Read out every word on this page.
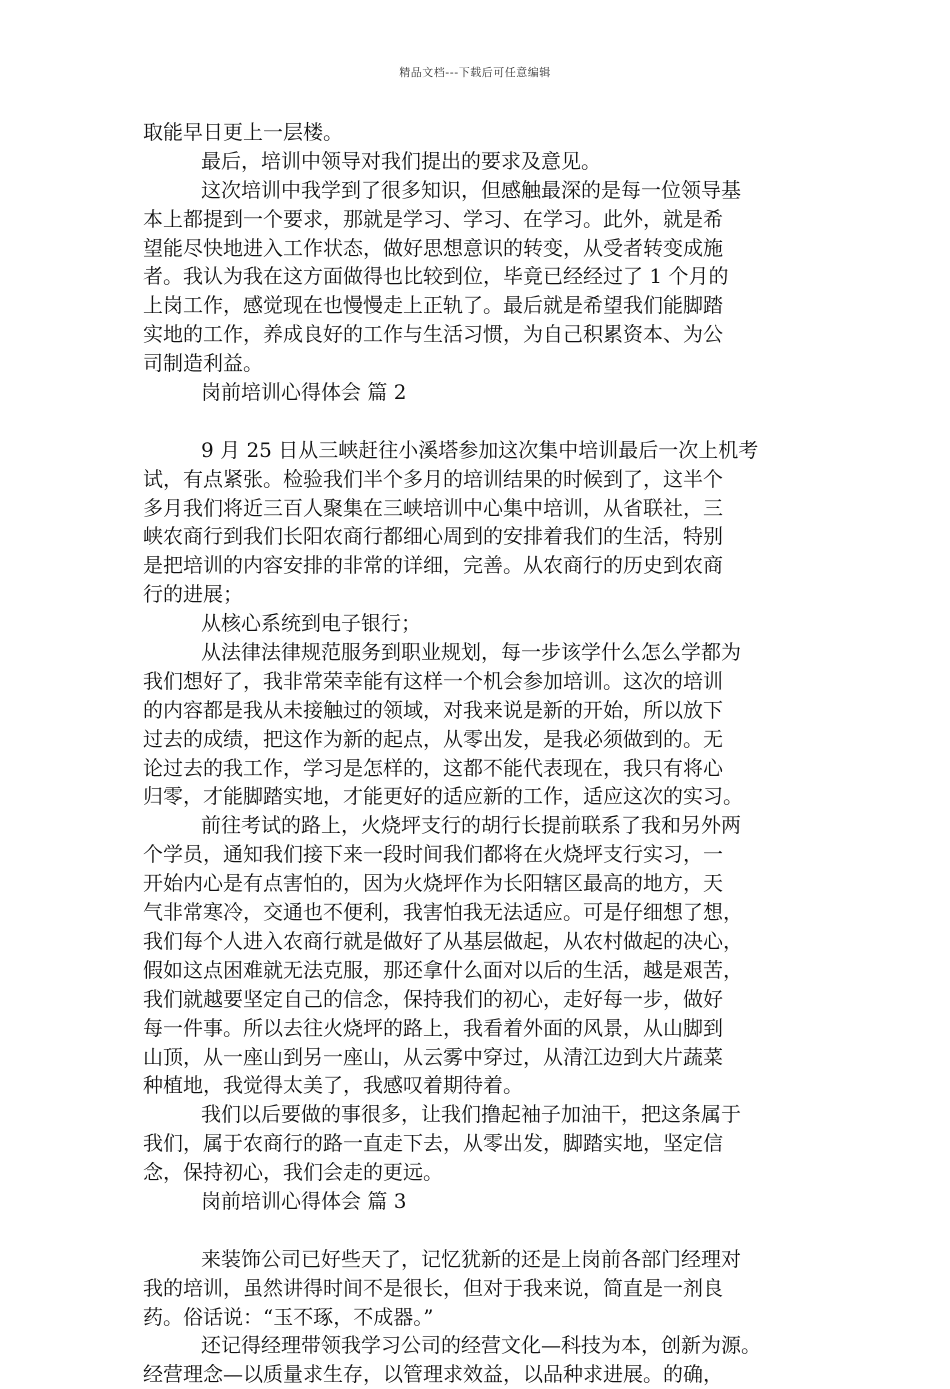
精品文档---下载后可任意编辑
取能早日更上一层楼。
最后，培训中领导对我们提出的要求及意见。
这次培训中我学到了很多知识，但感触最深的是每一位领导基
本上都提到一个要求，那就是学习、学习、在学习。此外，就是希
望能尽快地进入工作状态，做好思想意识的转变，从受者转变成施
者。我认为我在这方面做得也比较到位，毕竟已经经过了 1 个月的
上岗工作，感觉现在也慢慢走上正轨了。最后就是希望我们能脚踏
实地的工作，养成良好的工作与生活习惯，为自己积累资本、为公
司制造利益。
岗前培训心得体会 篇 2
9 月 25 日从三峡赶往小溪塔参加这次集中培训最后一次上机考
试，有点紧张。检验我们半个多月的培训结果的时候到了，这半个
多月我们将近三百人聚集在三峡培训中心集中培训，从省联社，三
峡农商行到我们长阳农商行都细心周到的安排着我们的生活，特别
是把培训的内容安排的非常的详细，完善。从农商行的历史到农商
行的进展；
从核心系统到电子银行；
从法律法律规范服务到职业规划，每一步该学什么怎么学都为
我们想好了，我非常荣幸能有这样一个机会参加培训。这次的培训
的内容都是我从未接触过的领域，对我来说是新的开始，所以放下
过去的成绩，把这作为新的起点，从零出发，是我必须做到的。无
论过去的我工作，学习是怎样的，这都不能代表现在，我只有将心
归零，才能脚踏实地，才能更好的适应新的工作，适应这次的实习。
前往考试的路上，火烧坪支行的胡行长提前联系了我和另外两
个学员，通知我们接下来一段时间我们都将在火烧坪支行实习，一
开始内心是有点害怕的，因为火烧坪作为长阳辖区最高的地方，天
气非常寒冷，交通也不便利，我害怕我无法适应。可是仔细想了想，
我们每个人进入农商行就是做好了从基层做起，从农村做起的决心，
假如这点困难就无法克服，那还拿什么面对以后的生活，越是艰苦，
我们就越要坚定自己的信念，保持我们的初心，走好每一步，做好
每一件事。所以去往火烧坪的路上，我看着外面的风景，从山脚到
山顶，从一座山到另一座山，从云雾中穿过，从清江边到大片蔬菜
种植地，我觉得太美了，我感叹着期待着。
我们以后要做的事很多，让我们撸起袖子加油干，把这条属于
我们，属于农商行的路一直走下去，从零出发，脚踏实地，坚定信
念，保持初心，我们会走的更远。
岗前培训心得体会 篇 3
来装饰公司已好些天了，记忆犹新的还是上岗前各部门经理对
我的培训，虽然讲得时间不是很长，但对于我来说，简直是一剂良
药。俗话说：“玉不琢，不成器。”
还记得经理带领我学习公司的经营文化—科技为本，创新为源。
经营理念—以质量求生存，以管理求效益，以品种求进展。的确，
